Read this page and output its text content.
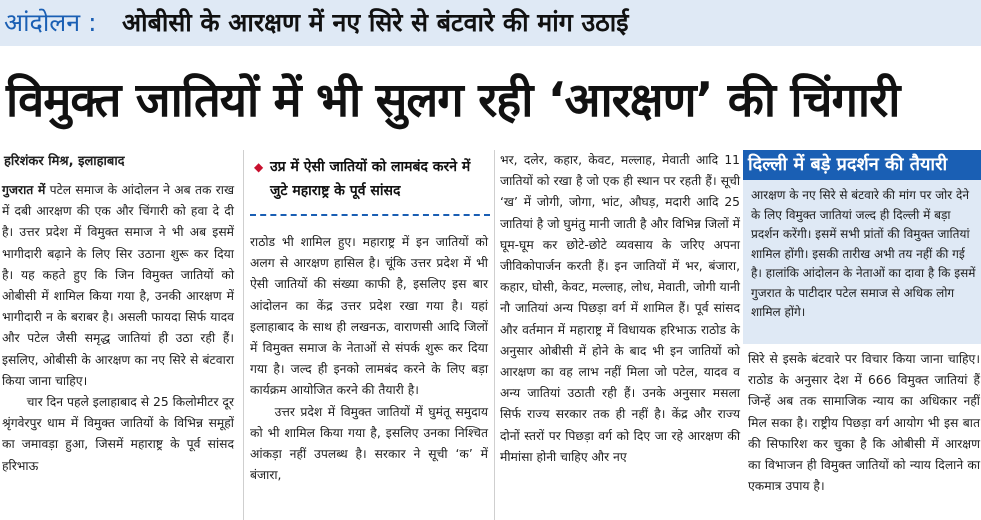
आंदोलन : ओबीसी के आरक्षण में नए सिरे से बंटवारे की मांग उठाई
विमुक्त जातियों में भी सुलग रही ‘आरक्षण’ की चिंगारी
हरिशंकर मिश्र, इलाहाबाद

गुजरात में पटेल समाज के आंदोलन ने अब तक राख में दबी आरक्षण की एक और चिंगारी को हवा दे दी है। उत्तर प्रदेश में विमुक्त समाज ने भी अब इसमें भागीदारी बढ़ाने के लिए सिर उठाना शुरू कर दिया है। यह कहते हुए कि जिन विमुक्त जातियों को ओबीसी में शामिल किया गया है, उनकी आरक्षण में भागीदारी न के बराबर है। असली फायदा सिर्फ यादव और पटेल जैसी समृद्ध जातियां ही उठा रही हैं। इसलिए, ओबीसी के आरक्षण का नए सिरे से बंटवारा किया जाना चाहिए।

चार दिन पहले इलाहाबाद से 25 किलोमीटर दूर श्रृंगवेरपुर धाम में विमुक्त जातियों के विभिन्न समूहों का जमावड़ा हुआ, जिसमें महाराष्ट्र के पूर्व सांसद हरिभाऊ

◆ उप्र में ऐसी जातियों को लामबंद करने में जुटे महाराष्ट्र के पूर्व सांसद

राठोड भी शामिल हुए। महाराष्ट्र में इन जातियों को अलग से आरक्षण हासिल है। चूंकि उत्तर प्रदेश में भी ऐसी जातियों की संख्या काफी है, इसलिए इस बार आंदोलन का केंद्र उत्तर प्रदेश रखा गया है। यहां इलाहाबाद के साथ ही लखनऊ, वाराणसी आदि जिलों में विमुक्त समाज के नेताओं से संपर्क शुरू कर दिया गया है। जल्द ही इनको लामबंद करने के लिए बड़ा कार्यक्रम आयोजित करने की तैयारी है।

उत्तर प्रदेश में विमुक्त जातियों में घुमंतू समुदाय को भी शामिल किया गया है, इसलिए उनका निश्चित आंकड़ा नहीं उपलब्ध है। सरकार ने सूची ‘क’ में बंजारा,

भर, दलेर, कहार, केवट, मल्लाह, मेवाती आदि 11 जातियों को रखा है जो एक ही स्थान पर रहती हैं। सूची ‘ख’ में जोगी, जोगा, भांट, औघड़, मदारी आदि 25 जातियां है जो घुमंतु मानी जाती है और विभिन्न जिलों में घूम-घूम कर छोटे-छोटे व्यवसाय के जरिए अपना जीविकोपार्जन करती हैं। इन जातियों में भर, बंजारा, कहार, घोसी, केवट, मल्लाह, लोध, मेवाती, जोगी यानी नौ जातियां अन्य पिछड़ा वर्ग में शामिल हैं। पूर्व सांसद और वर्तमान में महाराष्ट्र में विधायक हरिभाऊ राठोड के अनुसार ओबीसी में होने के बाद भी इन जातियों को आरक्षण का वह लाभ नहीं मिला जो पटेल, यादव व अन्य जातियां उठाती रही हैं। उनके अनुसार मसला सिर्फ राज्य सरकार तक ही नहीं है। केंद्र और राज्य दोनों स्तरों पर पिछड़ा वर्ग को दिए जा रहे आरक्षण की मीमांसा होनी चाहिए और नए

दिल्ली में बड़े प्रदर्शन की तैयारी
आरक्षण के नए सिरे से बंटवारे की मांग पर जोर देने के लिए विमुक्त जातियां जल्द ही दिल्ली में बड़ा प्रदर्शन करेंगी। इसमें सभी प्रांतों की विमुक्त जातियां शामिल होंगी। इसकी तारीख अभी तय नहीं की गई है। हालांकि आंदोलन के नेताओं का दावा है कि इसमें गुजरात के पाटीदार पटेल समाज से अधिक लोग शामिल होंगे।

सिरे से इसके बंटवारे पर विचार किया जाना चाहिए। राठोड के अनुसार देश में 666 विमुक्त जातियां हैं जिन्हें अब तक सामाजिक न्याय का अधिकार नहीं मिल सका है। राष्ट्रीय पिछड़ा वर्ग आयोग भी इस बात की सिफारिश कर चुका है कि ओबीसी में आरक्षण का विभाजन ही विमुक्त जातियों को न्याय दिलाने का एकमात्र उपाय है।
